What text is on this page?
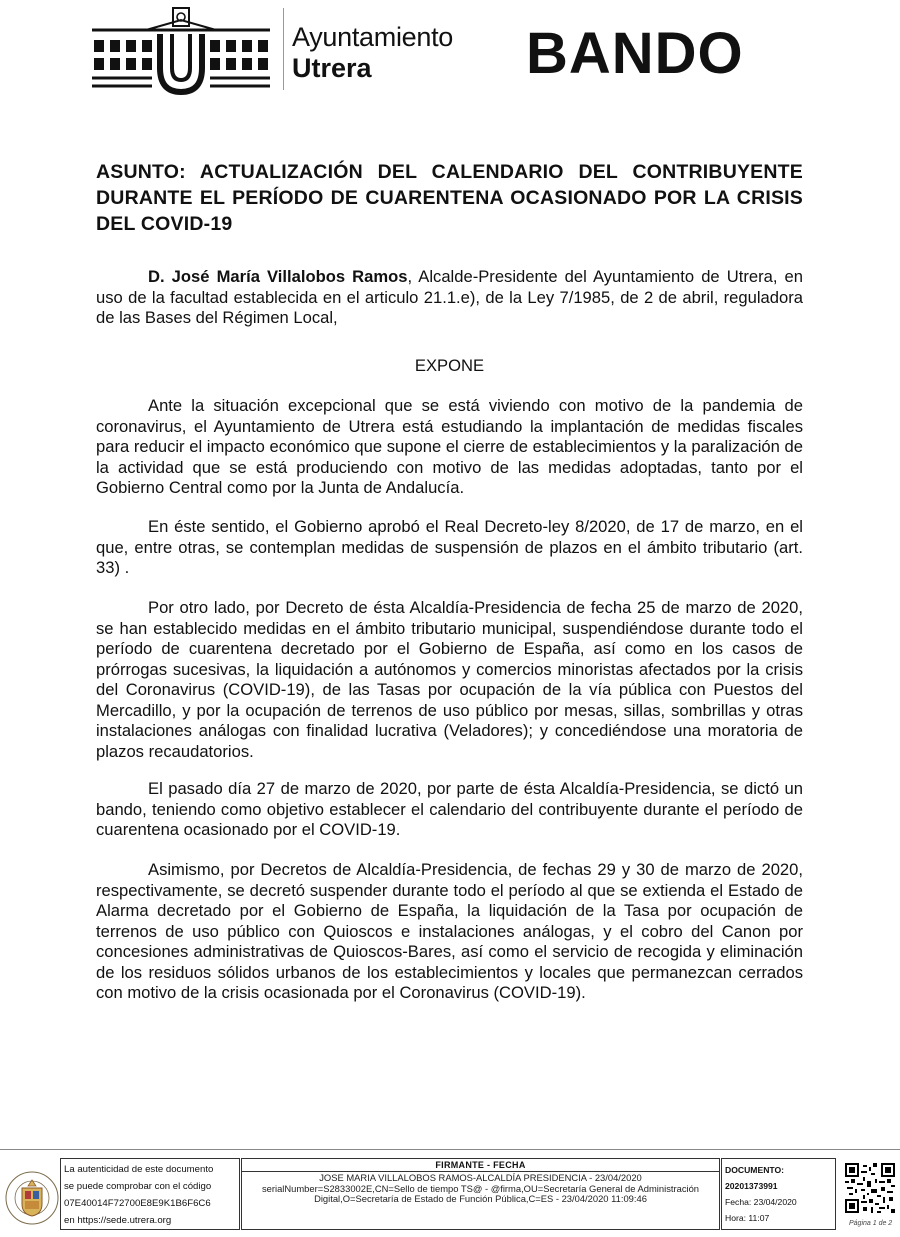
Ayuntamiento
Utrera	BANDO
ASUNTO: ACTUALIZACIÓN DEL CALENDARIO DEL CONTRIBUYENTE DURANTE EL PERÍODO DE CUARENTENA OCASIONADO POR LA CRISIS DEL COVID-19
D. José María Villalobos Ramos, Alcalde-Presidente del Ayuntamiento de Utrera, en uso de la facultad establecida en el articulo 21.1.e), de la Ley 7/1985, de 2 de abril, reguladora de las Bases del Régimen Local,
EXPONE
Ante la situación excepcional que se está viviendo con motivo de la pandemia de coronavirus, el Ayuntamiento de Utrera está estudiando la implantación de medidas fiscales para reducir el impacto económico que supone el cierre de establecimientos y la paralización de la actividad que se está produciendo con motivo de las medidas adoptadas, tanto por el Gobierno Central como por la Junta de Andalucía.
En éste sentido, el Gobierno aprobó el Real Decreto-ley 8/2020, de 17 de marzo, en el que, entre otras, se contemplan medidas de suspensión de plazos en el ámbito tributario (art. 33) .
Por otro lado, por Decreto de ésta Alcaldía-Presidencia de fecha 25 de marzo de 2020, se han establecido medidas en el ámbito tributario municipal, suspendiéndose durante todo el período de cuarentena decretado por el Gobierno de España, así como en los casos de prórrogas sucesivas, la liquidación a autónomos y comercios minoristas afectados por la crisis del Coronavirus (COVID-19), de las Tasas por ocupación de la vía pública con Puestos del Mercadillo, y por la ocupación de terrenos de uso público por mesas, sillas, sombrillas y otras instalaciones análogas con finalidad lucrativa (Veladores); y concediéndose una moratoria de plazos recaudatorios.
El pasado día 27 de marzo de 2020, por parte de ésta Alcaldía-Presidencia, se dictó un bando, teniendo como objetivo establecer el calendario del contribuyente durante el período de cuarentena ocasionado por el COVID-19.
Asimismo, por Decretos de Alcaldía-Presidencia, de fechas 29 y 30 de marzo de 2020, respectivamente, se decretó suspender durante todo el período al que se extienda el Estado de Alarma decretado por el Gobierno de España, la liquidación de la Tasa por ocupación de terrenos de uso público con Quioscos e instalaciones análogas, y el cobro del Canon por concesiones administrativas de Quioscos-Bares, así como el servicio de recogida y eliminación de los residuos sólidos urbanos de los establecimientos y locales que permanezcan cerrados con motivo de la crisis ocasionada por el Coronavirus (COVID-19).
La autenticidad de este documento
se puede comprobar con el código
07E40014F72700E8E9K1B6F6C6
en https://sede.utrera.org
FIRMANTE - FECHA
JOSE MARIA VILLALOBOS RAMOS-ALCALDÍA PRESIDENCIA - 23/04/2020
serialNumber=S2833002E,CN=Sello de tiempo TS@ - @firma,OU=Secretaría General de Administración
Digital,O=Secretaría de Estado de Función Pública,C=ES - 23/04/2020 11:09:46
DOCUMENTO: 20201373991
Fecha: 23/04/2020
Hora: 11:07
Página 1 de 2
